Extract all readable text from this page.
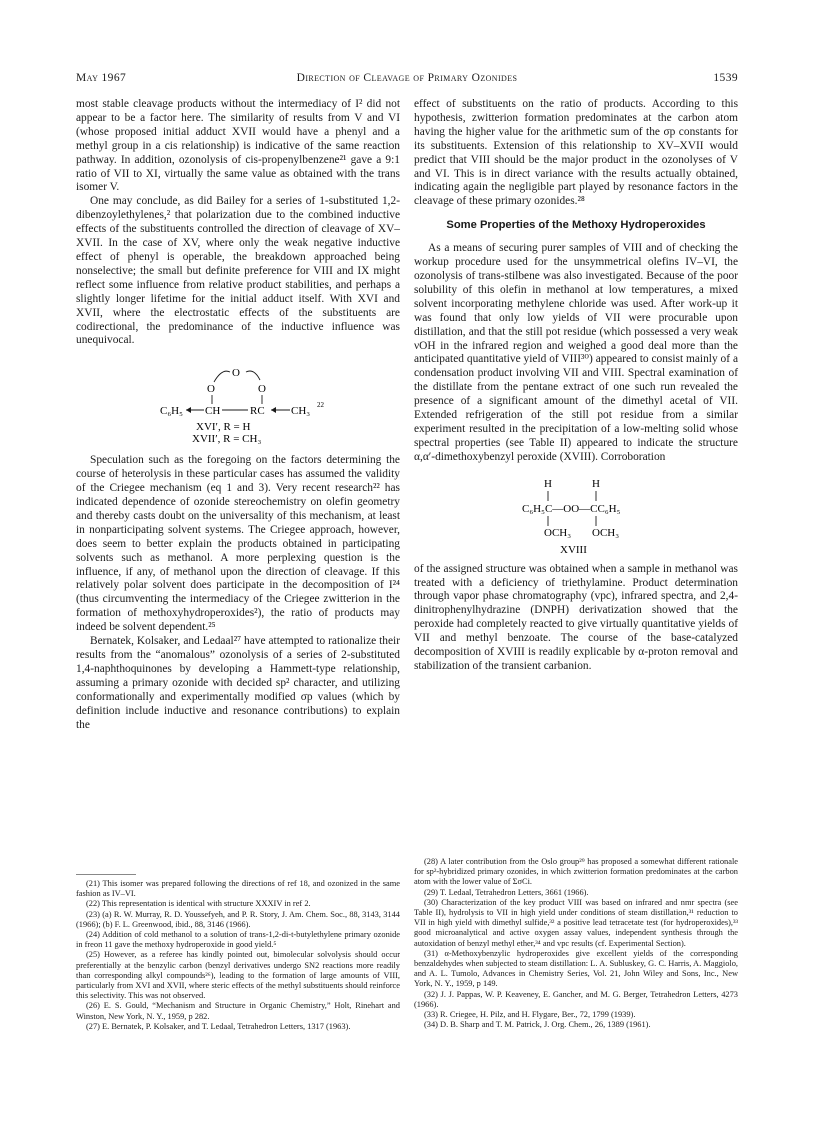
May 1967	Direction of Cleavage of Primary Ozonides	1539

most stable cleavage products without the intermediacy of I² did not appear to be a factor here. The similarity of results from V and VI (whose proposed initial adduct XVII would have a phenyl and a methyl group in a cis relationship) is indicative of the same reaction pathway. In addition, ozonolysis of cis-propenylbenzene²¹ gave a 9:1 ratio of VII to XI, virtually the same value as obtained with the trans isomer V.

One may conclude, as did Bailey for a series of 1-substituted 1,2-dibenzoylethylenes,² that polarization due to the combined inductive effects of the substituents controlled the direction of cleavage of XV–XVII. In the case of XV, where only the weak negative inductive effect of phenyl is operable, the breakdown approached being nonselective; the small but definite preference for VIII and IX might reflect some influence from relative product stabilities, and perhaps a slightly longer lifetime for the initial adduct itself. With XVI and XVII, where the electrostatic effects of the substituents are codirectional, the predominance of the inductive influence was unequivocal.

O
O	O
C₆H₅ CH	RC CH₃ 22
XVI′, R = H
XVII′, R = CH₃

Speculation such as the foregoing on the factors determining the course of heterolysis in these particular cases has assumed the validity of the Criegee mechanism (eq 1 and 3). Very recent research²² has indicated dependence of ozonide stereochemistry on olefin geometry and thereby casts doubt on the universality of this mechanism, at least in nonparticipating solvent systems. The Criegee approach, however, does seem to better explain the products obtained in participating solvents such as methanol. A more perplexing question is the influence, if any, of methanol upon the direction of cleavage. If this relatively polar solvent does participate in the decomposition of I²⁴ (thus circumventing the intermediacy of the Criegee zwitterion in the formation of methoxyhydroperoxides²), the ratio of products may indeed be solvent dependent.²⁵

Bernatek, Kolsaker, and Ledaal²⁷ have attempted to rationalize their results from the “anomalous” ozonolysis of a series of 2-substituted 1,4-naphthoquinones by developing a Hammett-type relationship, assuming a primary ozonide with decided sp² character, and utilizing conformationally and experimentally modified σp values (which by definition include inductive and resonance contributions) to explain the

effect of substituents on the ratio of products. According to this hypothesis, zwitterion formation predominates at the carbon atom having the higher value for the arithmetic sum of the σp constants for its substituents. Extension of this relationship to XV–XVII would predict that VIII should be the major product in the ozonolyses of V and VI. This is in direct variance with the results actually obtained, indicating again the negligible part played by resonance factors in the cleavage of these primary ozonides.²⁸

Some Properties of the Methoxy Hydroperoxides

As a means of securing purer samples of VIII and of checking the workup procedure used for the unsymmetrical olefins IV–VI, the ozonolysis of trans-stilbene was also investigated. Because of the poor solubility of this olefin in methanol at low temperatures, a mixed solvent incorporating methylene chloride was used. After work-up it was found that only low yields of VII were procurable upon distillation, and that the still pot residue (which possessed a very weak νOH in the infrared region and weighed a good deal more than the anticipated quantitative yield of VIII³⁰) appeared to consist mainly of a condensation product involving VII and VIII. Spectral examination of the distillate from the pentane extract of one such run revealed the presence of a significant amount of the dimethyl acetal of VII. Extended refrigeration of the still pot residue from a similar experiment resulted in the precipitation of a low-melting solid whose spectral properties (see Table II) appeared to indicate the structure α,α′-dimethoxybenzyl peroxide (XVIII). Corroboration

H	H
C₆H₅C—OO—CC₆H₅
OCH₃ OCH₃
XVIII

of the assigned structure was obtained when a sample in methanol was treated with a deficiency of triethylamine. Product determination through vapor phase chromatography (vpc), infrared spectra, and 2,4-dinitrophenylhydrazine (DNPH) derivatization showed that the peroxide had completely reacted to give virtually quantitative yields of VII and methyl benzoate. The course of the base-catalyzed decomposition of XVIII is readily explicable by α-proton removal and stabilization of the transient carbanion.

(21) This isomer was prepared following the directions of ref 18, and ozonized in the same fashion as IV–VI.

(22) This representation is identical with structure XXXIV in ref 2.

(23) (a) R. W. Murray, R. D. Youssefyeh, and P. R. Story, J. Am. Chem. Soc., 88, 3143, 3144 (1966); (b) F. L. Greenwood, ibid., 88, 3146 (1966).

(24) Addition of cold methanol to a solution of trans-1,2-di-t-butylethylene primary ozonide in freon 11 gave the methoxy hydroperoxide in good yield.⁵

(25) However, as a referee has kindly pointed out, bimolecular solvolysis should occur preferentially at the benzylic carbon (benzyl derivatives undergo SN2 reactions more readily than corresponding alkyl compounds²⁶), leading to the formation of large amounts of VIII, particularly from XVI and XVII, where steric effects of the methyl substituents should reinforce this selectivity. This was not observed.

(26) E. S. Gould, “Mechanism and Structure in Organic Chemistry,” Holt, Rinehart and Winston, New York, N. Y., 1959, p 282.

(27) E. Bernatek, P. Kolsaker, and T. Ledaal, Tetrahedron Letters, 1317 (1963).

(28) A later contribution from the Oslo group²⁹ has proposed a somewhat different rationale for sp²-hybridized primary ozonides, in which zwitterion formation predominates at the carbon atom with the lower value of ΣσCi.

(29) T. Ledaal, Tetrahedron Letters, 3661 (1966).

(30) Characterization of the key product VIII was based on infrared and nmr spectra (see Table II), hydrolysis to VII in high yield under conditions of steam distillation,³¹ reduction to VII in high yield with dimethyl sulfide,³² a positive lead tetracetate test (for hydroperoxides),³³ good microanalytical and active oxygen assay values, independent synthesis through the autoxidation of benzyl methyl ether,³⁴ and vpc results (cf. Experimental Section).

(31) α-Methoxybenzylic hydroperoxides give excellent yields of the corresponding benzaldehydes when subjected to steam distillation: L. A. Subluskey, G. C. Harris, A. Maggiolo, and A. L. Tumolo, Advances in Chemistry Series, Vol. 21, John Wiley and Sons, Inc., New York, N. Y., 1959, p 149.

(32) J. J. Pappas, W. P. Keaveney, E. Gancher, and M. G. Berger, Tetrahedron Letters, 4273 (1966).

(33) R. Criegee, H. Pilz, and H. Flygare, Ber., 72, 1799 (1939).

(34) D. B. Sharp and T. M. Patrick, J. Org. Chem., 26, 1389 (1961).
